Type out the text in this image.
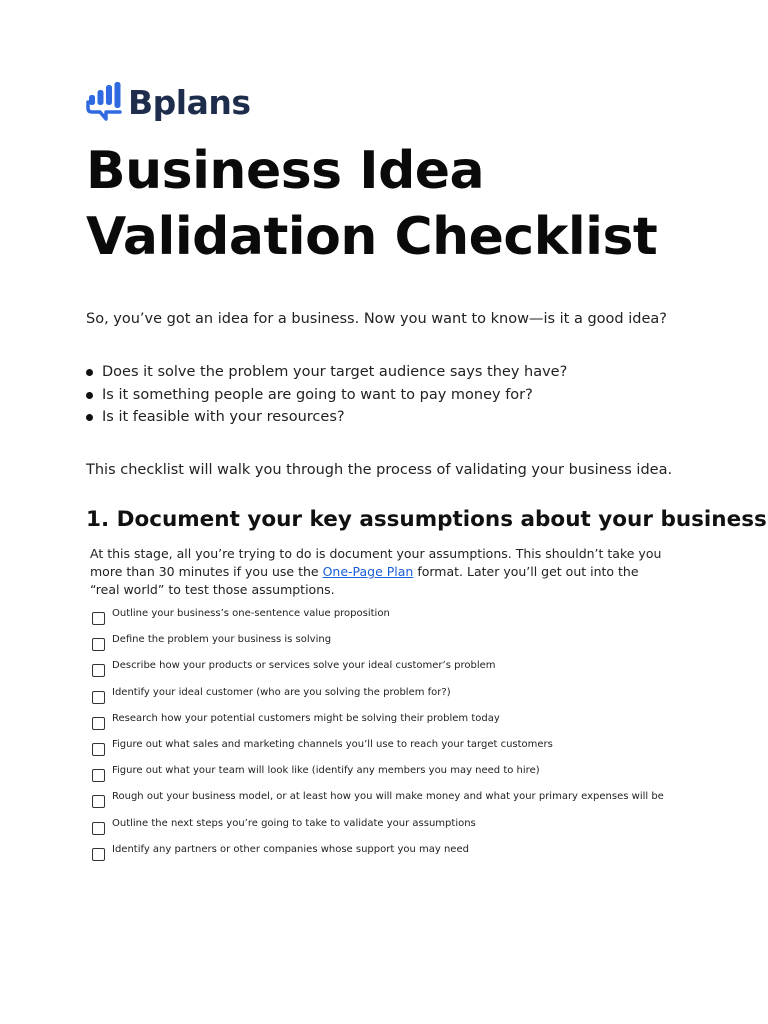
Bplans
Business Idea
Validation Checklist

So, you’ve got an idea for a business. Now you want to know—is it a good idea?

Does it solve the problem your target audience says they have?
Is it something people are going to want to pay money for?
Is it feasible with your resources?

This checklist will walk you through the process of validating your business idea.

1. Document your key assumptions about your business

At this stage, all you’re trying to do is document your assumptions. This shouldn’t take you more than 30 minutes if you use the One-Page Plan format. Later you’ll get out into the “real world” to test those assumptions.

Outline your business’s one-sentence value proposition
Define the problem your business is solving
Describe how your products or services solve your ideal customer’s problem
Identify your ideal customer (who are you solving the problem for?)
Research how your potential customers might be solving their problem today
Figure out what sales and marketing channels you’ll use to reach your target customers
Figure out what your team will look like (identify any members you may need to hire)
Rough out your business model, or at least how you will make money and what your primary expenses will be
Outline the next steps you’re going to take to validate your assumptions
Identify any partners or other companies whose support you may need
